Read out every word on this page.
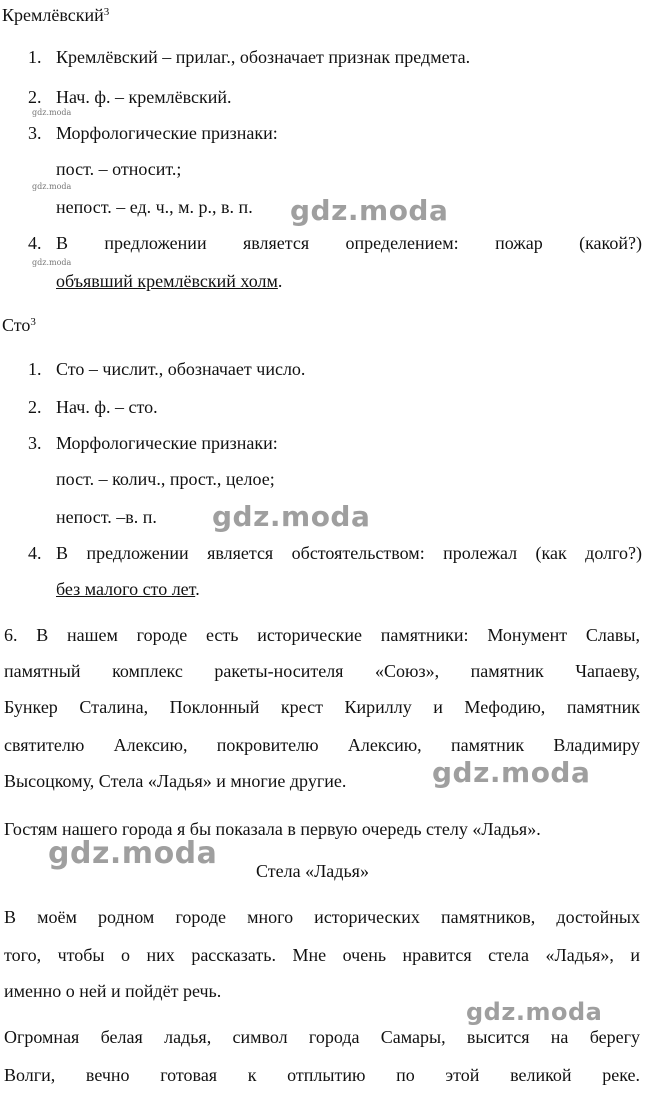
Кремлёвский$^3$
1. Кремлёвский – прилаг., обозначает признак предмета.
2. Нач. ф. – кремлёвский.
3. Морфологические признаки:
пост. – относит.;
непост. – ед. ч., м. р., в. п.
4. В предложении является определением: пожар (какой?)
объявший кремлёвский холм.
Сто$^3$
1. Сто – числит., обозначает число.
2. Нач. ф. – сто.
3. Морфологические признаки:
пост. – колич., прост., целое;
непост. –в. п.
4. В предложении является обстоятельством: пролежал (как долго?)
без малого сто лет.
6. В нашем городе есть исторические памятники: Монумент Славы,
памятный комплекс ракеты-носителя «Союз», памятник Чапаеву,
Бункер Сталина, Поклонный крест Кириллу и Мефодию, памятник
святителю Алексию, покровителю Алексию, памятник Владимиру
Высоцкому, Стела «Ладья» и многие другие.
Гостям нашего города я бы показала в первую очередь стелу «Ладья».
Стела «Ладья»
В моём родном городе много исторических памятников, достойных
того, чтобы о них рассказать. Мне очень нравится стела «Ладья», и
именно о ней и пойдёт речь.
Огромная белая ладья, символ города Самары, высится на берегу
Волги, вечно готовая к отплытию по этой великой реке.
gdz.moda
gdz.moda
gdz.moda
gdz.moda
gdz.moda
gdz.moda
gdz.moda
gdz.moda
